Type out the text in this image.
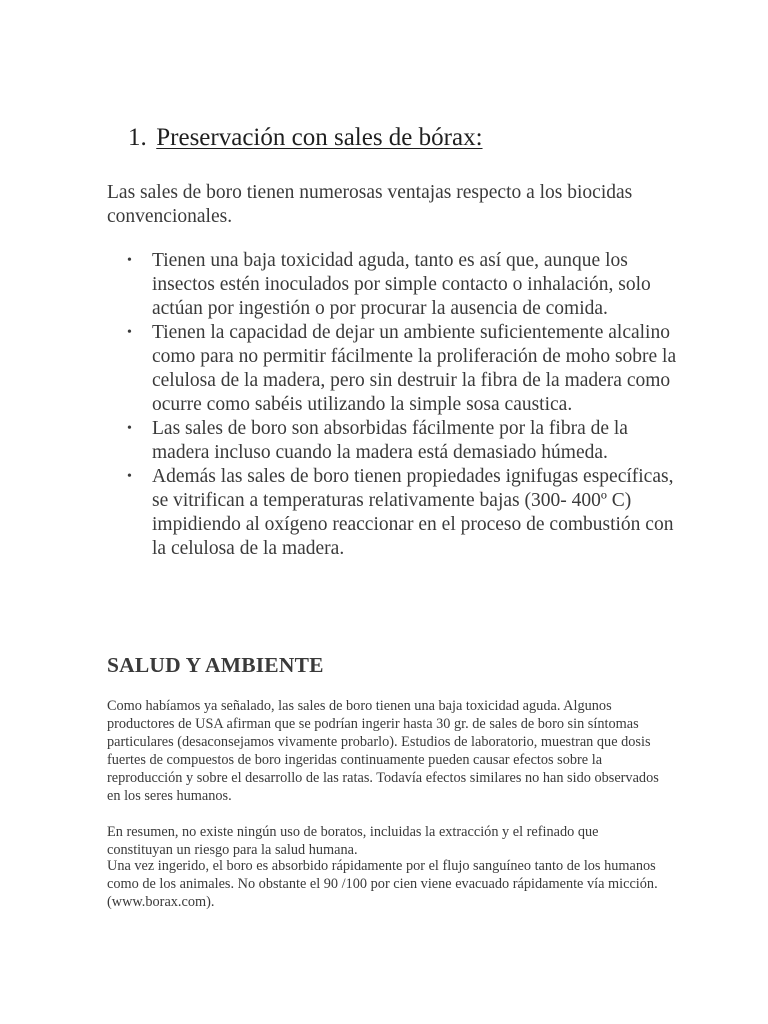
1. Preservación con sales de bórax:

Las sales de boro tienen numerosas ventajas respecto a los biocidas convencionales.

• Tienen una baja toxicidad aguda, tanto es así que, aunque los insectos estén inoculados por simple contacto o inhalación, solo actúan por ingestión o por procurar la ausencia de comida.
• Tienen la capacidad de dejar un ambiente suficientemente alcalino como para no permitir fácilmente la proliferación de moho sobre la celulosa de la madera, pero sin destruir la fibra de la madera como ocurre como sabéis utilizando la simple sosa caustica.
• Las sales de boro son absorbidas fácilmente por la fibra de la madera incluso cuando la madera está demasiado húmeda.
• Además las sales de boro tienen propiedades ignifugas específicas, se vitrifican a temperaturas relativamente bajas (300- 400º C) impidiendo al oxígeno reaccionar en el proceso de combustión con la celulosa de la madera.
SALUD Y AMBIENTE

Como habíamos ya señalado, las sales de boro tienen una baja toxicidad aguda. Algunos productores de USA afirman que se podrían ingerir hasta 30 gr. de sales de boro sin síntomas particulares (desaconsejamos vivamente probarlo). Estudios de laboratorio, muestran que dosis fuertes de compuestos de boro ingeridas continuamente pueden causar efectos sobre la reproducción y sobre el desarrollo de las ratas. Todavía efectos similares no han sido observados en los seres humanos.

En resumen, no existe ningún uso de boratos, incluidas la extracción y el refinado que constituyan un riesgo para la salud humana.

Una vez ingerido, el boro es absorbido rápidamente por el flujo sanguíneo tanto de los humanos como de los animales. No obstante el 90 /100 por cien viene evacuado rápidamente vía micción. (www.borax.com).
